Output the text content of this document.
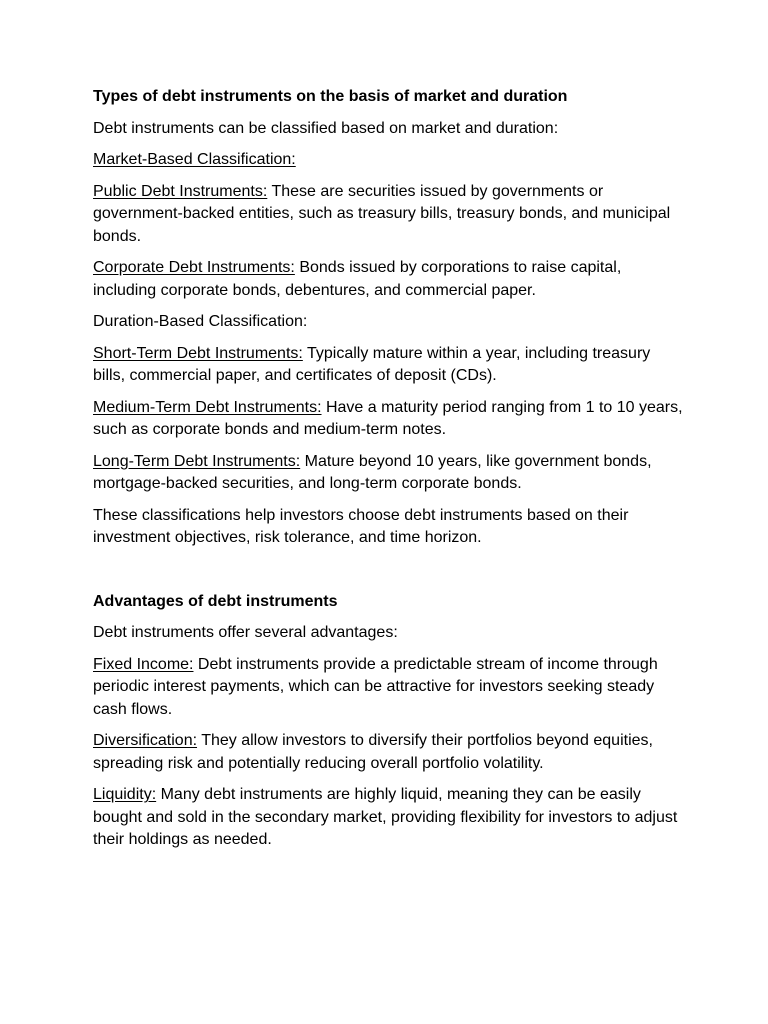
Types of debt instruments on the basis of market and duration
Debt instruments can be classified based on market and duration:
Market-Based Classification:
Public Debt Instruments: These are securities issued by governments or government-backed entities, such as treasury bills, treasury bonds, and municipal bonds.
Corporate Debt Instruments: Bonds issued by corporations to raise capital, including corporate bonds, debentures, and commercial paper.
Duration-Based Classification:
Short-Term Debt Instruments: Typically mature within a year, including treasury bills, commercial paper, and certificates of deposit (CDs).
Medium-Term Debt Instruments: Have a maturity period ranging from 1 to 10 years, such as corporate bonds and medium-term notes.
Long-Term Debt Instruments: Mature beyond 10 years, like government bonds, mortgage-backed securities, and long-term corporate bonds.
These classifications help investors choose debt instruments based on their investment objectives, risk tolerance, and time horizon.
Advantages of debt instruments
Debt instruments offer several advantages:
Fixed Income: Debt instruments provide a predictable stream of income through periodic interest payments, which can be attractive for investors seeking steady cash flows.
Diversification: They allow investors to diversify their portfolios beyond equities, spreading risk and potentially reducing overall portfolio volatility.
Liquidity: Many debt instruments are highly liquid, meaning they can be easily bought and sold in the secondary market, providing flexibility for investors to adjust their holdings as needed.
